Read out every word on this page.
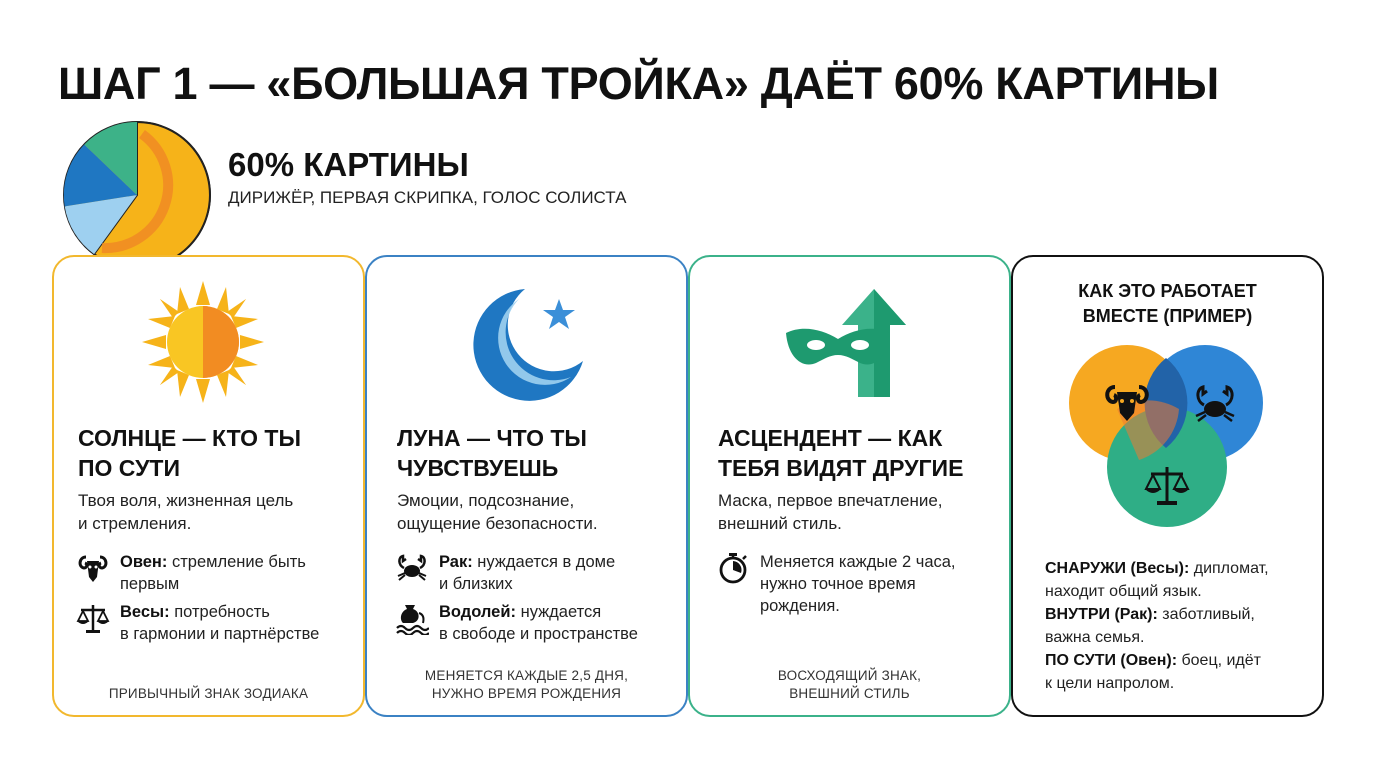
ШАГ 1 — «БОЛЬШАЯ ТРОЙКА» ДАЁТ 60% КАРТИНЫ
60% КАРТИНЫ
ДИРИЖЁР, ПЕРВАЯ СКРИПКА, ГОЛОС СОЛИСТА
СОЛНЦЕ — КТО ТЫ
ПО СУТИ
Твоя воля, жизненная цель
и стремления.
Овен: стремление быть
первым
Весы: потребность
в гармонии и партнёрстве
ПРИВЫЧНЫЙ ЗНАК ЗОДИАКА
ЛУНА — ЧТО ТЫ
ЧУВСТВУЕШЬ
Эмоции, подсознание,
ощущение безопасности.
Рак: нуждается в доме
и близких
Водолей: нуждается
в свободе и пространстве
МЕНЯЕТСЯ КАЖДЫЕ 2,5 ДНЯ,
НУЖНО ВРЕМЯ РОЖДЕНИЯ
АСЦЕНДЕНТ — КАК
ТЕБЯ ВИДЯТ ДРУГИЕ
Маска, первое впечатление,
внешний стиль.
Меняется каждые 2 часа,
нужно точное время
рождения.
ВОСХОДЯЩИЙ ЗНАК,
ВНЕШНИЙ СТИЛЬ
КАК ЭТО РАБОТАЕТ
ВМЕСТЕ (ПРИМЕР)
СНАРУЖИ (Весы): дипломат,
находит общий язык.
ВНУТРИ (Рак): заботливый,
важна семья.
ПО СУТИ (Овен): боец, идёт
к цели напролом.
